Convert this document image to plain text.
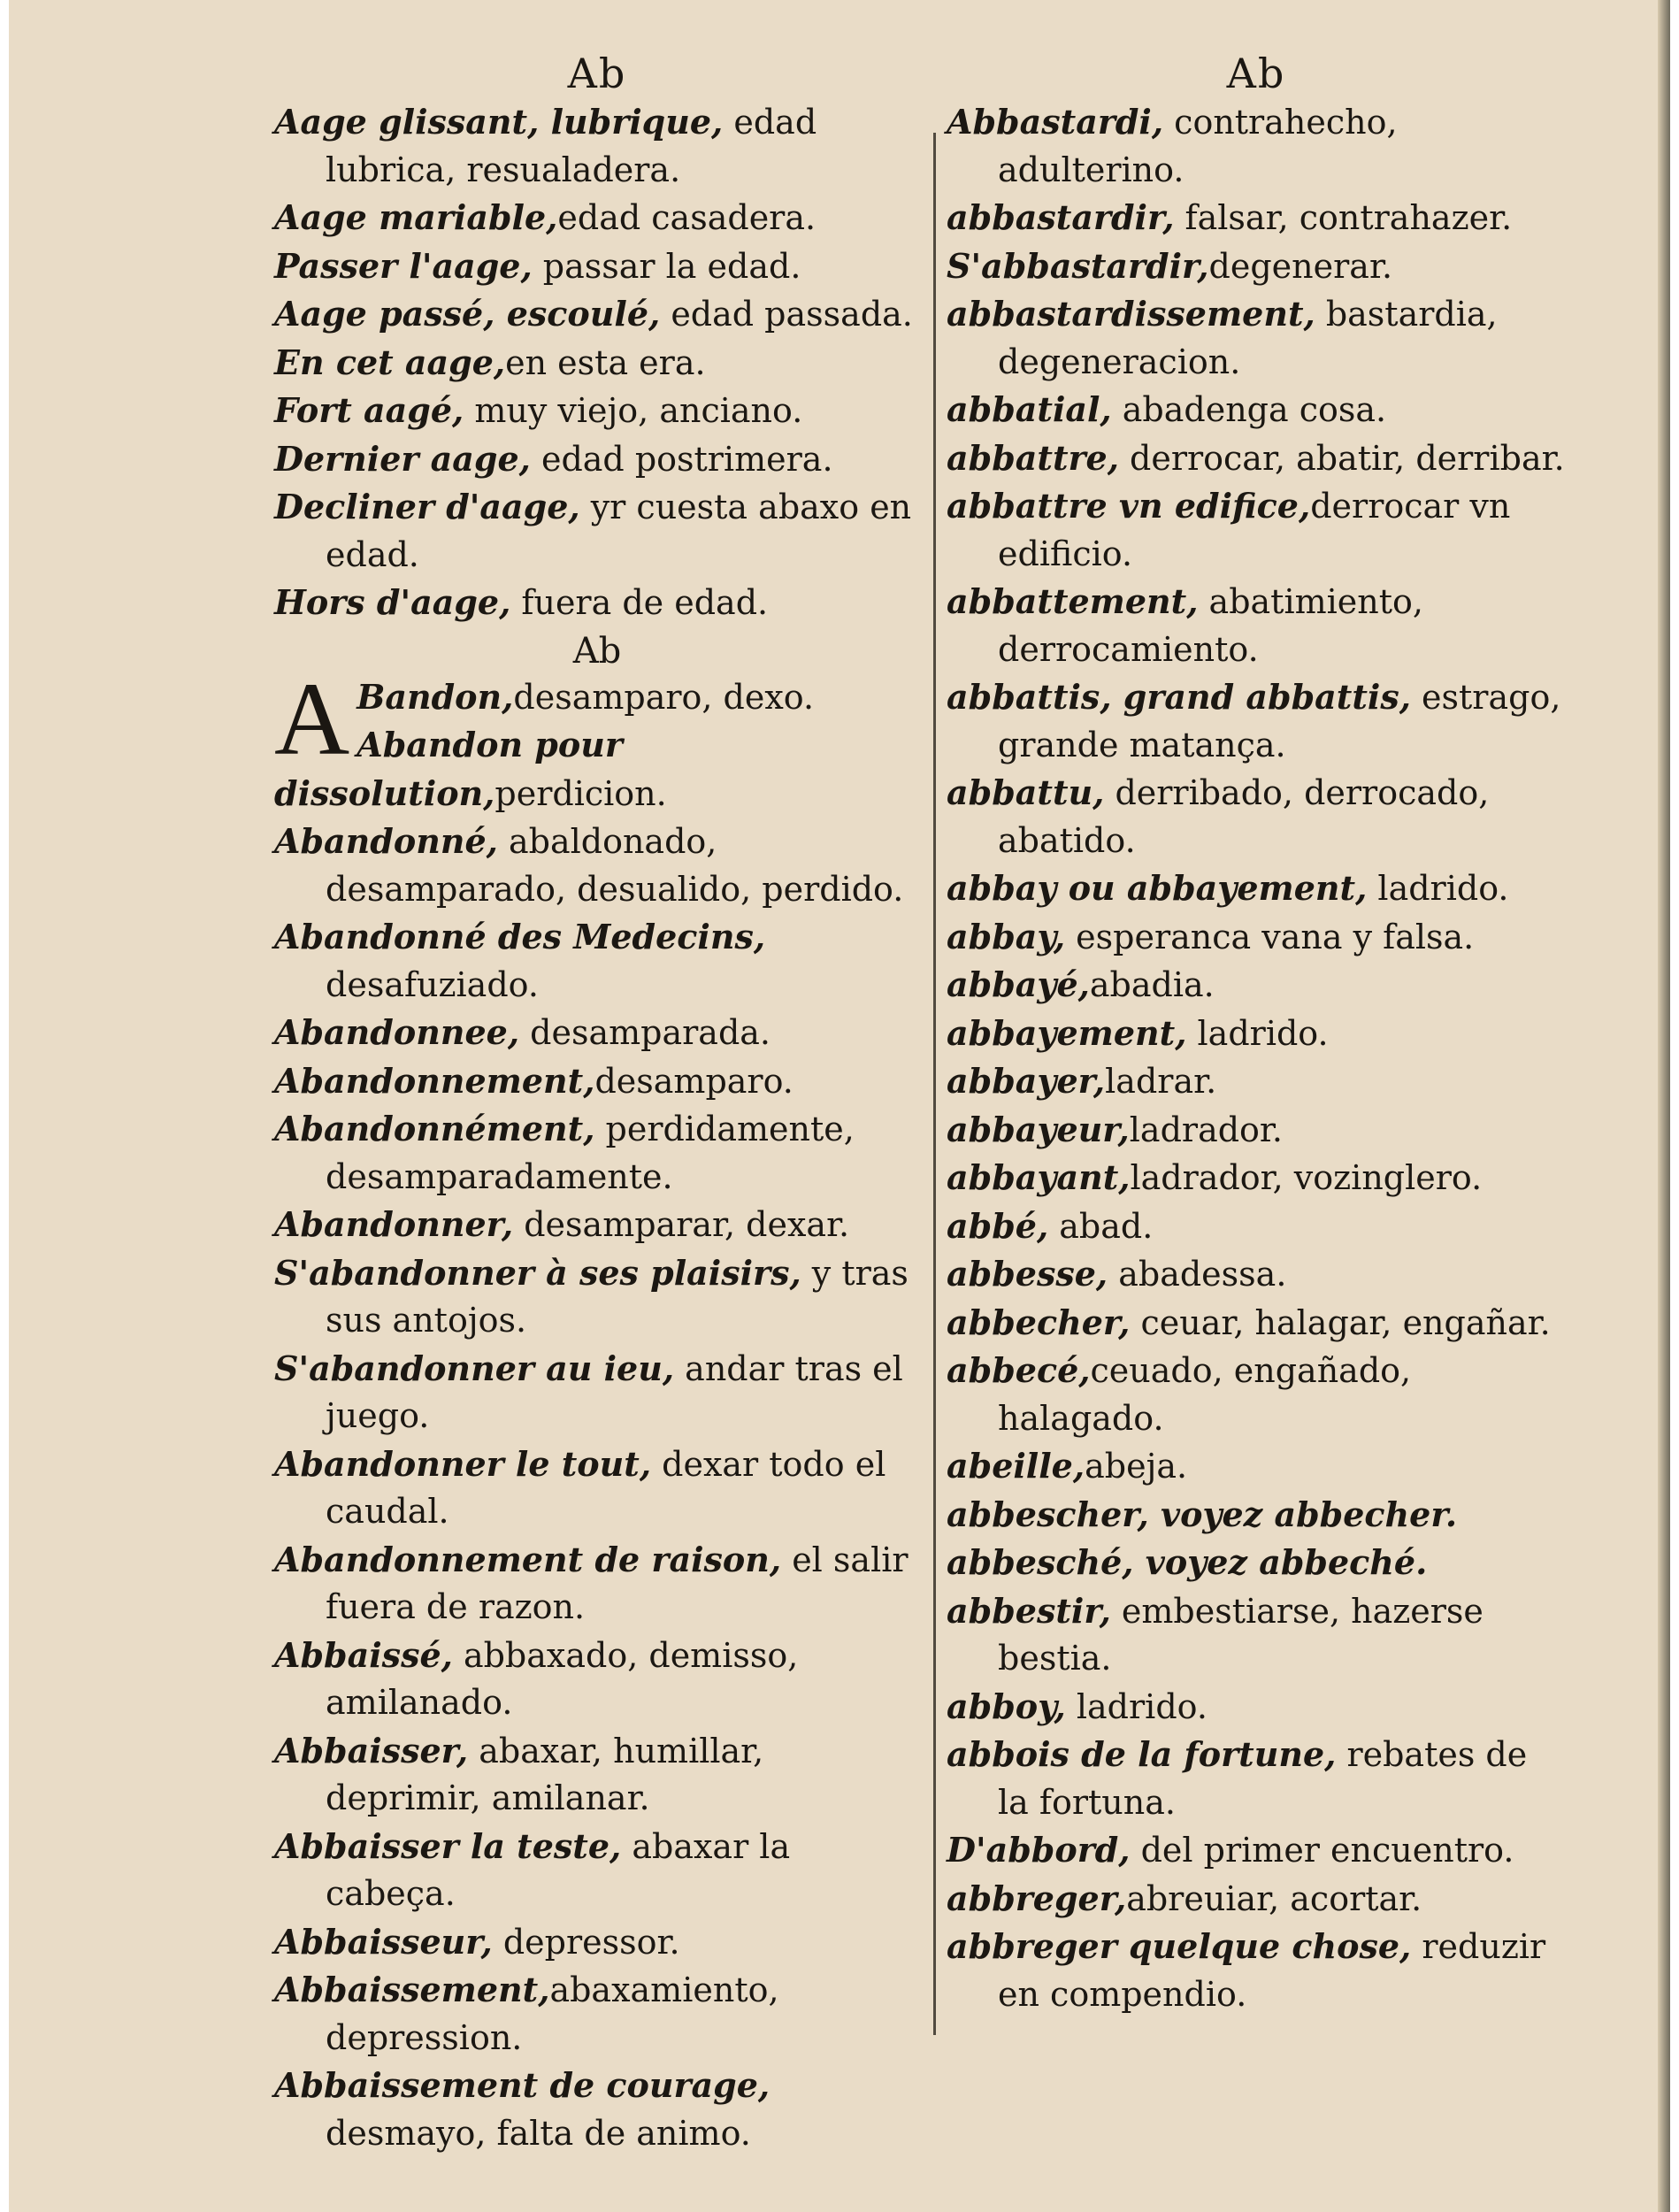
Ab
Aage glissant, lubrique, edad lubrica, resualadera.
Aage mariable,edad casadera.
Passer l'aage, passar la edad.
Aage passé, escoulé, edad passada.
En cet aage,en esta era.
Fort aagé, muy viejo, anciano.
Dernier aage, edad postrimera.
Decliner d'aage, yr cuesta abaxo en edad.
Hors d'aage, fuera de edad.
Ab
A Bandon,desamparo, dexo.
Abandon pour dissolution,perdicion.
Abandonné, abaldonado, desamparado, desualido, perdido.
Abandonné des Medecins, desafuziado.
Abandonnee, desamparada.
Abandonnement,desamparo.
Abandonnément, perdidamente, desamparadamente.
Abandonner, desamparar, dexar.
S'abandonner à ses plaisirs, y tras sus antojos.
S'abandonner au ieu, andar tras el juego.
Abandonner le tout, dexar todo el caudal.
Abandonnement de raison, el salir fuera de razon.
Abbaissé, abbaxado, demisso, amilanado.
Abbaisser, abaxar, humillar, deprimir, amilanar.
Abbaisser la teste, abaxar la cabeça.
Abbaisseur, depressor.
Abbaissement,abaxamiento, depression.
Abbaissement de courage, desmayo, falta de animo.
Ab
Abbastardi, contrahecho, adulterino.
abbastardir, falsar, contrahazer.
S'abbastardir,degenerar.
abbastardissement, bastardia, degeneracion.
abbatial, abadenga cosa.
abbattre, derrocar, abatir, derribar.
abbattre vn edifice,derrocar vn edificio.
abbattement, abatimiento, derrocamiento.
abbattis, grand abbattis, estrago, grande matança.
abbattu, derribado, derrocado, abatido.
abbay ou abbayement, ladrido.
abbay, esperanca vana y falsa.
abbayé,abadia.
abbayement, ladrido.
abbayer,ladrar.
abbayeur,ladrador.
abbayant,ladrador, vozinglero.
abbé, abad.
abbesse, abadessa.
abbecher, ceuar, halagar, engañar.
abbecé,ceuado, engañado, halagado.
abeille,abeja.
abbescher, voyez abbecher.
abbesché, voyez abbeché.
abbestir, embestiarse, hazerse bestia.
abboy, ladrido.
abbois de la fortune, rebates de la fortuna.
D'abbord, del primer encuentro.
abbreger,abreuiar, acortar.
abbreger quelque chose, reduzir en compendio.
